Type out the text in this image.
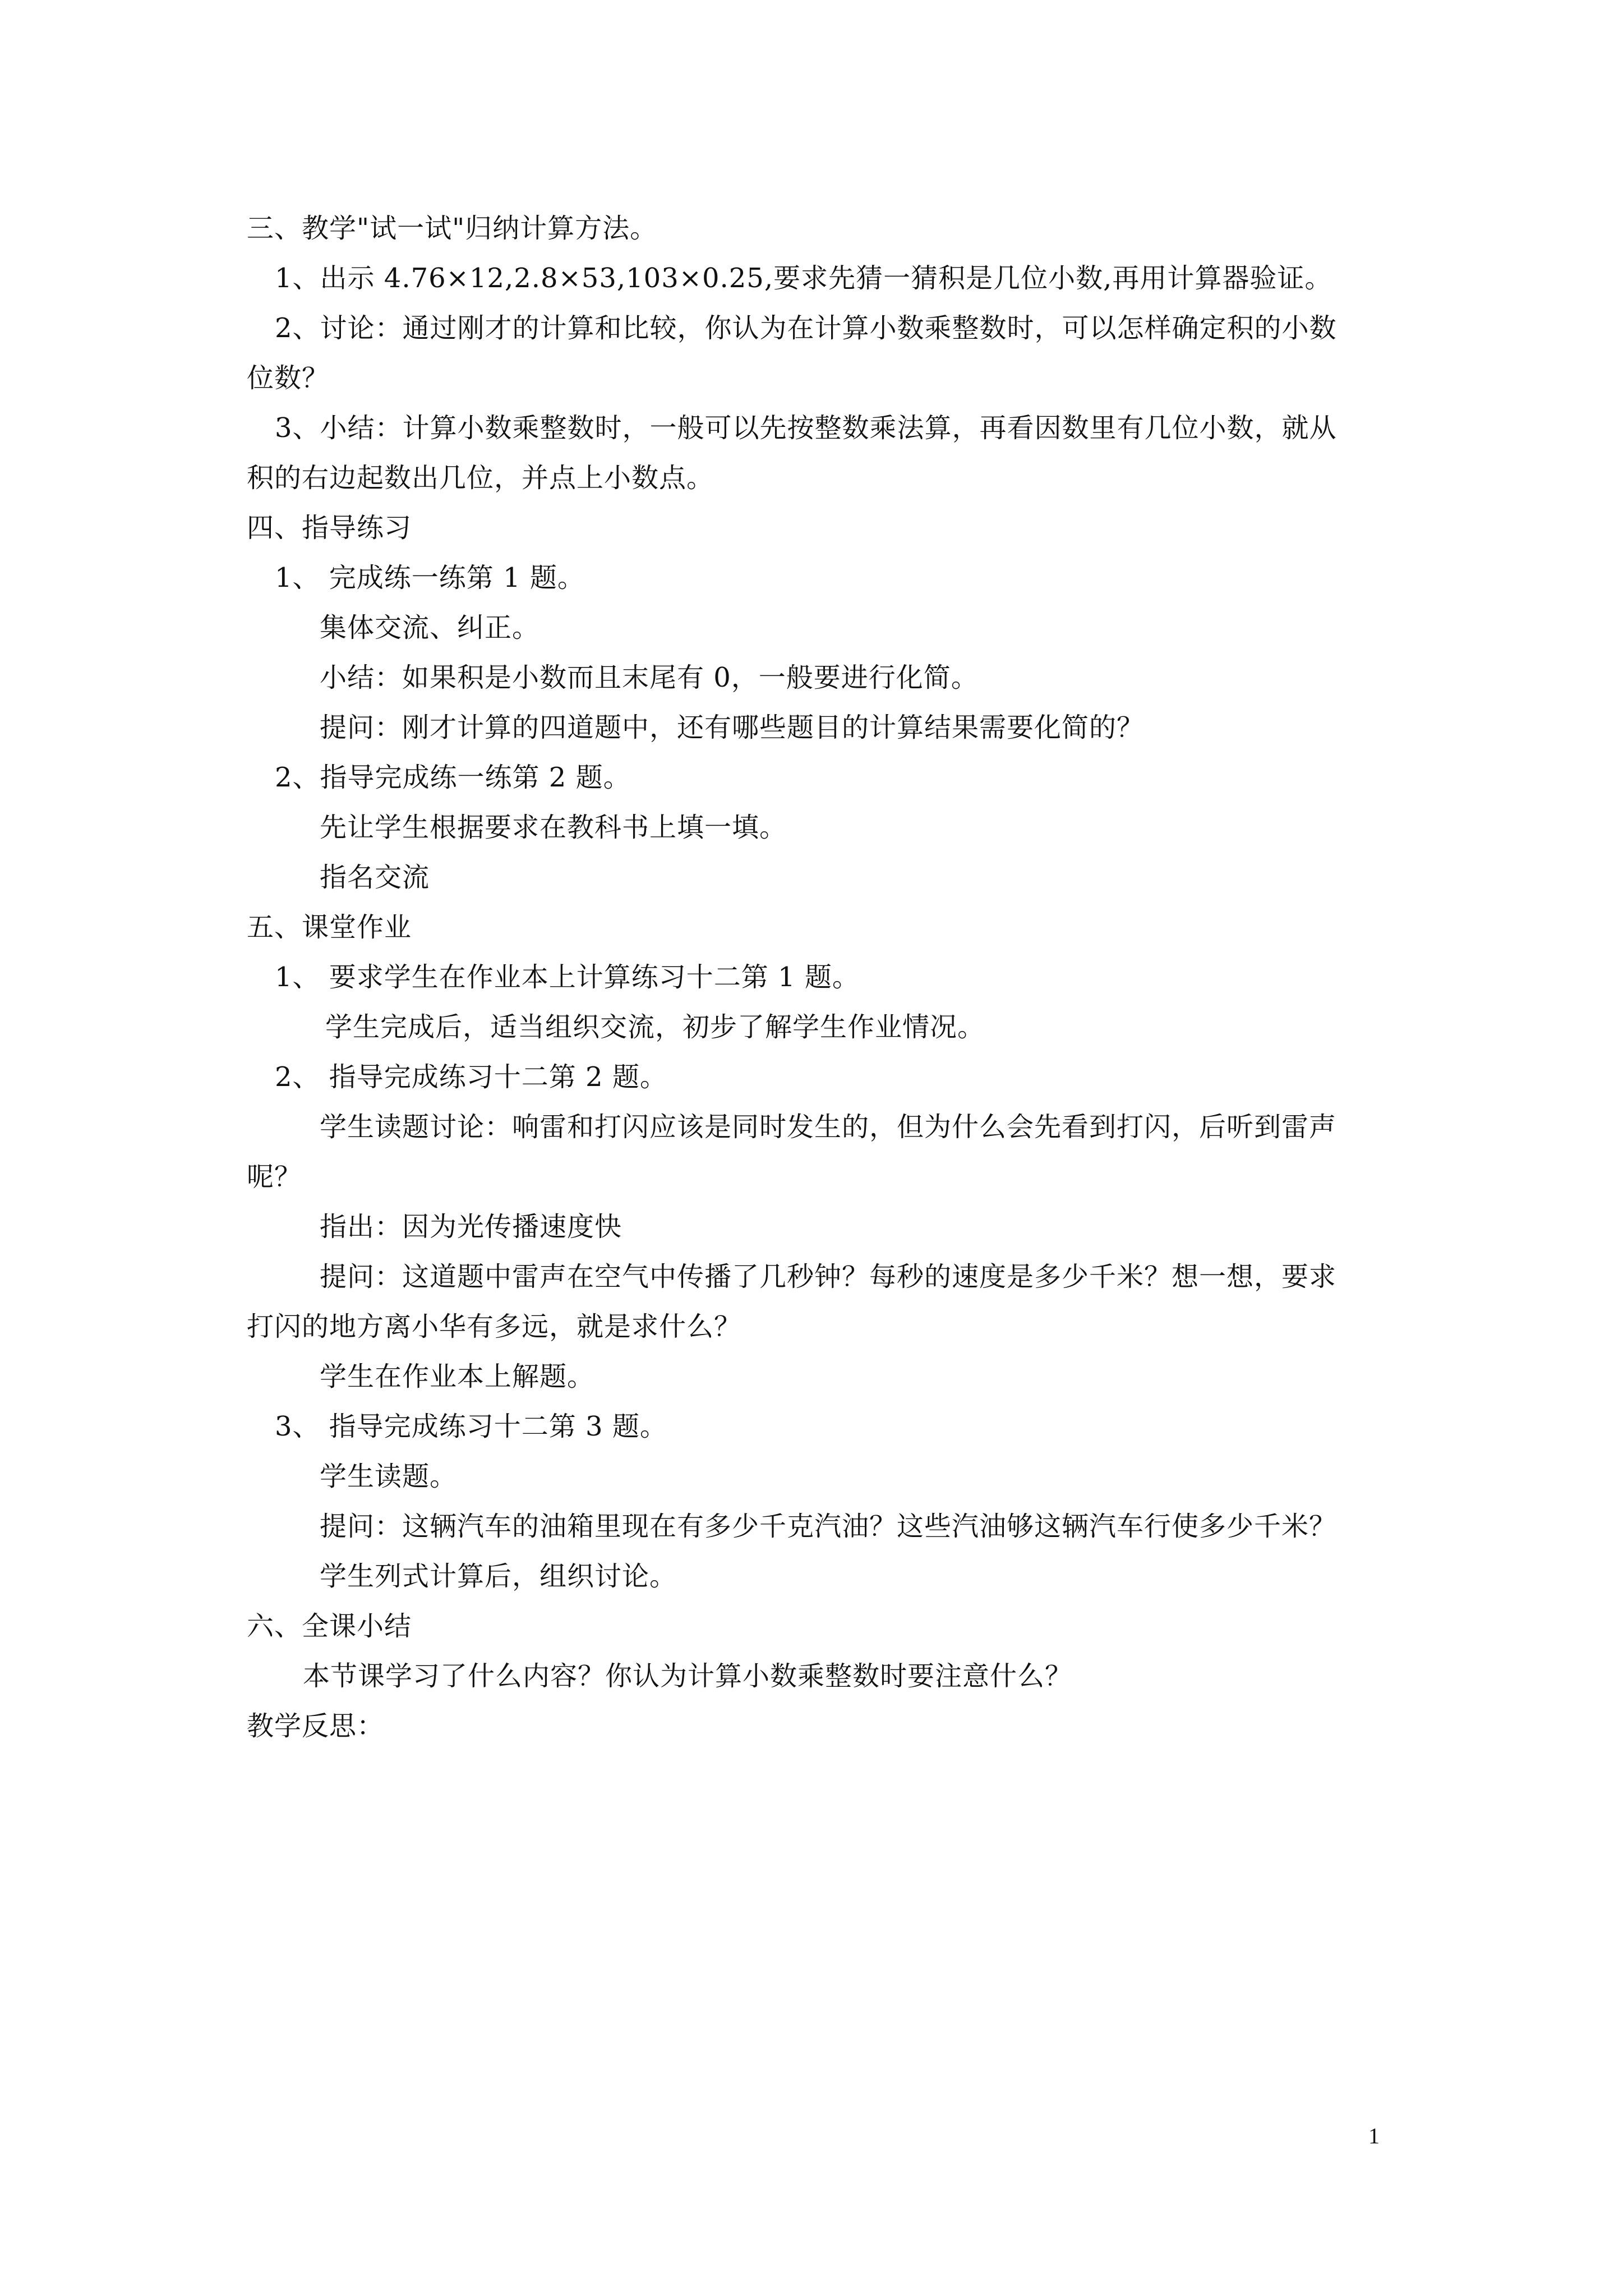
三、教学"试一试"归纳计算方法。
1、出示 4.76×12,2.8×53,103×0.25,要求先猜一猜积是几位小数,再用计算器验证。
2、讨论：通过刚才的计算和比较，你认为在计算小数乘整数时，可以怎样确定积的小数
位数？
3、小结：计算小数乘整数时，一般可以先按整数乘法算，再看因数里有几位小数，就从
积的右边起数出几位，并点上小数点。
四、指导练习
1、 完成练一练第 1 题。
集体交流、纠正。
小结：如果积是小数而且末尾有 0，一般要进行化简。
提问：刚才计算的四道题中，还有哪些题目的计算结果需要化简的？
2、指导完成练一练第 2 题。
先让学生根据要求在教科书上填一填。
指名交流
五、课堂作业
1、 要求学生在作业本上计算练习十二第 1 题。
学生完成后，适当组织交流，初步了解学生作业情况。
2、 指导完成练习十二第 2 题。
学生读题讨论：响雷和打闪应该是同时发生的，但为什么会先看到打闪，后听到雷声
呢？
指出：因为光传播速度快
提问：这道题中雷声在空气中传播了几秒钟？每秒的速度是多少千米？想一想，要求
打闪的地方离小华有多远，就是求什么？
学生在作业本上解题。
3、 指导完成练习十二第 3 题。
学生读题。
提问：这辆汽车的油箱里现在有多少千克汽油？这些汽油够这辆汽车行使多少千米？
学生列式计算后，组织讨论。
六、全课小结
本节课学习了什么内容？你认为计算小数乘整数时要注意什么？
教学反思：
1
